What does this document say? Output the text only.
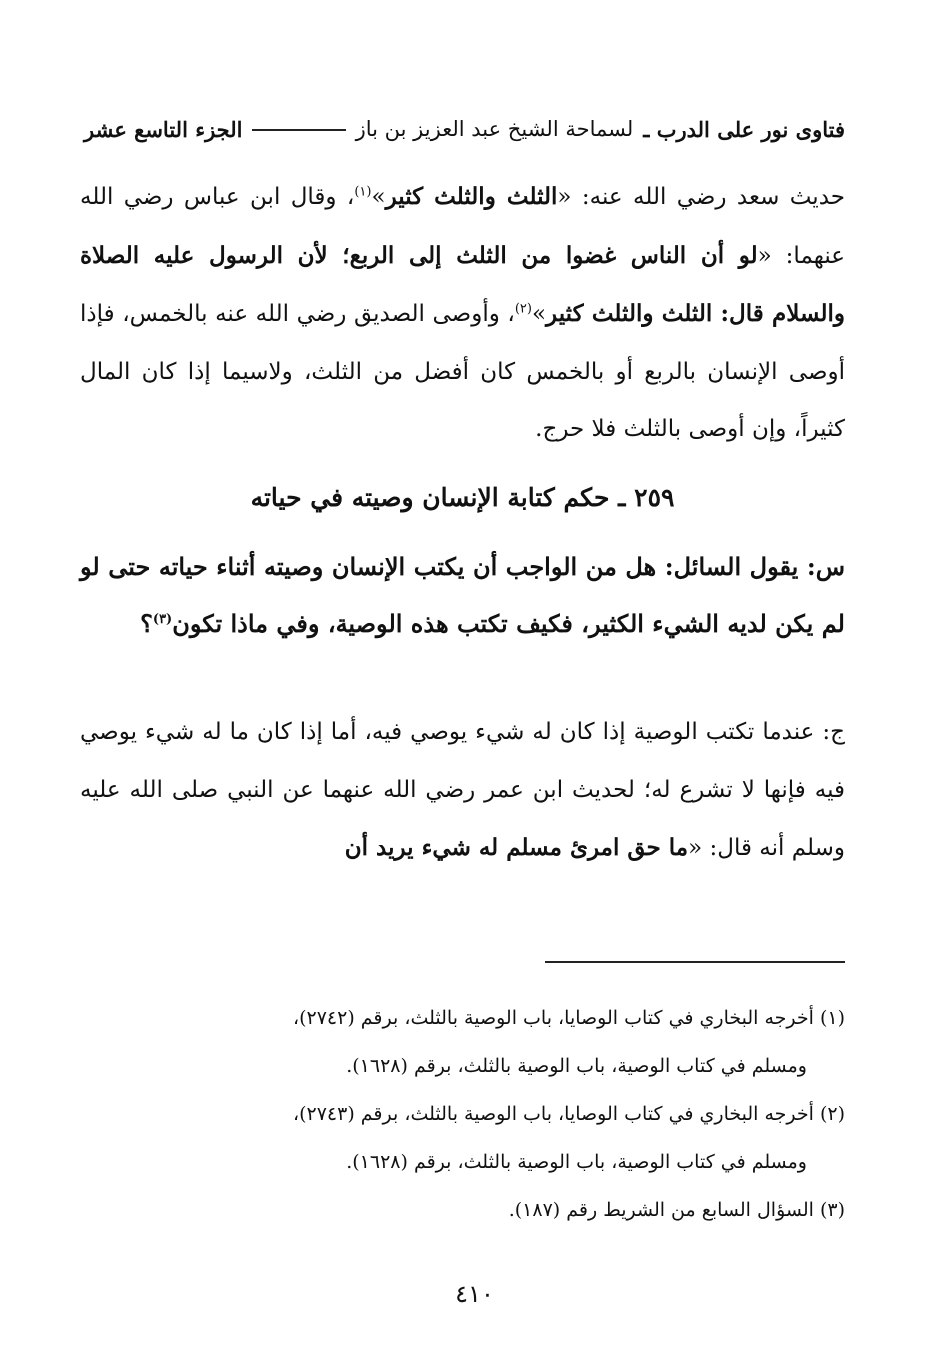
فتاوى نور على الدرب ـ
لسماحة الشيخ عبد العزيز بن باز
الجزء التاسع عشر

حديث سعد رضي الله عنه: «الثلث والثلث كثير»$^{(١)}$، وقال ابن عباس رضي الله عنهما: «لو أن الناس غضوا من الثلث إلى الربع؛ لأن الرسول عليه الصلاة والسلام قال: الثلث والثلث كثير»$^{(٢)}$، وأوصى الصديق رضي الله عنه بالخمس، فإذا أوصى الإنسان بالربع أو بالخمس كان أفضل من الثلث، ولاسيما إذا كان المال كثيراً، وإن أوصى بالثلث فلا حرج.

٢٥٩ ـ حكم كتابة الإنسان وصيته في حياته
س: يقول السائل: هل من الواجب أن يكتب الإنسان وصيته أثناء حياته حتى لو لم يكن لديه الشيء الكثير، فكيف تكتب هذه الوصية، وفي ماذا تكون$^{(٣)}$؟
ج: عندما تكتب الوصية إذا كان له شيء يوصي فيه، أما إذا كان ما له شيء يوصي فيه فإنها لا تشرع له؛ لحديث ابن عمر رضي الله عنهما عن النبي صلى الله عليه وسلم أنه قال: «ما حق امرئ مسلم له شيء يريد أن

(١) أخرجه البخاري في كتاب الوصايا، باب الوصية بالثلث، برقم (٢٧٤٢)،

ومسلم في كتاب الوصية، باب الوصية بالثلث، برقم (١٦٢٨).

(٢) أخرجه البخاري في كتاب الوصايا، باب الوصية بالثلث، برقم (٢٧٤٣)،

ومسلم في كتاب الوصية، باب الوصية بالثلث، برقم (١٦٢٨).

(٣) السؤال السابع من الشريط رقم (١٨٧).

٤١٠
